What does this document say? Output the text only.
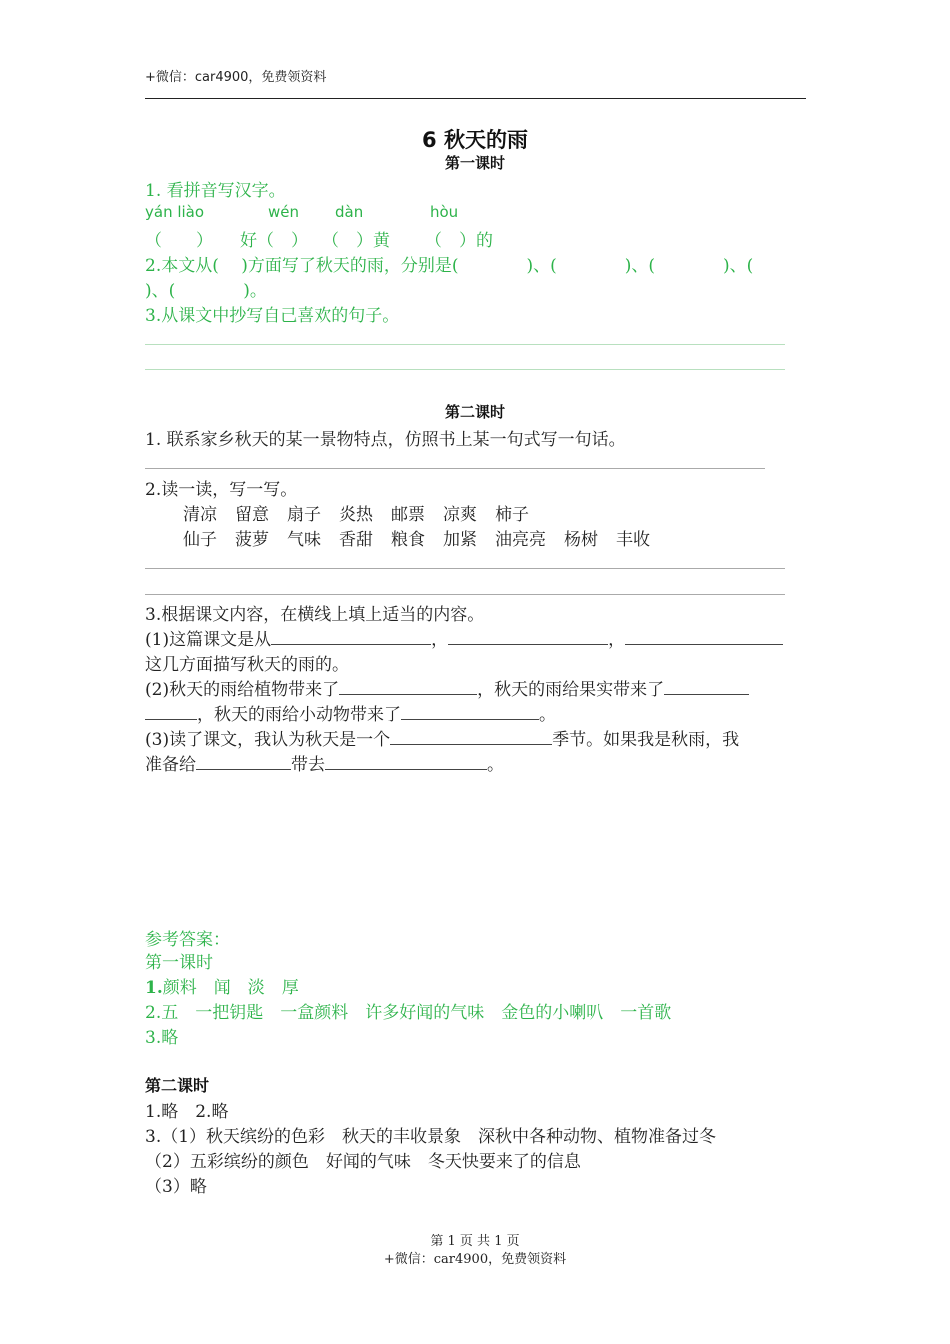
+微信：car4900，免费领资料
6 秋天的雨
第一课时
1. 看拼音写汉字。
yán liào	wén dàn	hòu
（　　） 好（　） （　）黄 （　）的
2.本文从(　 )方面写了秋天的雨，分别是(　　　　)、(　　　　)、(　　　　)、(
)、(　　　　)。
3.从课文中抄写自己喜欢的句子。
第二课时
1. 联系家乡秋天的某一景物特点，仿照书上某一句式写一句话。
2.读一读，写一写。
清凉 留意 扇子 炎热 邮票 凉爽 柿子
仙子 菠萝 气味 香甜 粮食 加紧 油亮亮 杨树 丰收
3.根据课文内容，在横线上填上适当的内容。
(1)这篇课文是从	，	，
这几方面描写秋天的雨的。
(2)秋天的雨给植物带来了	，秋天的雨给果实带来了
，秋天的雨给小动物带来了	。
(3)读了课文，我认为秋天是一个	季节。如果我是秋雨，我
准备给	带去	。
参考答案：
第一课时
1.颜料　 闻　 淡　 厚
2.五　 一把钥匙　 一盒颜料　 许多好闻的气味　 金色的小喇叭　 一首歌
3.略
第二课时
1.略　2.略
3.（1）秋天缤纷的色彩　秋天的丰收景象　深秋中各种动物、植物准备过冬
（2）五彩缤纷的颜色　好闻的气味　冬天快要来了的信息
（3）略
第 1 页 共 1 页
+微信：car4900，免费领资料
